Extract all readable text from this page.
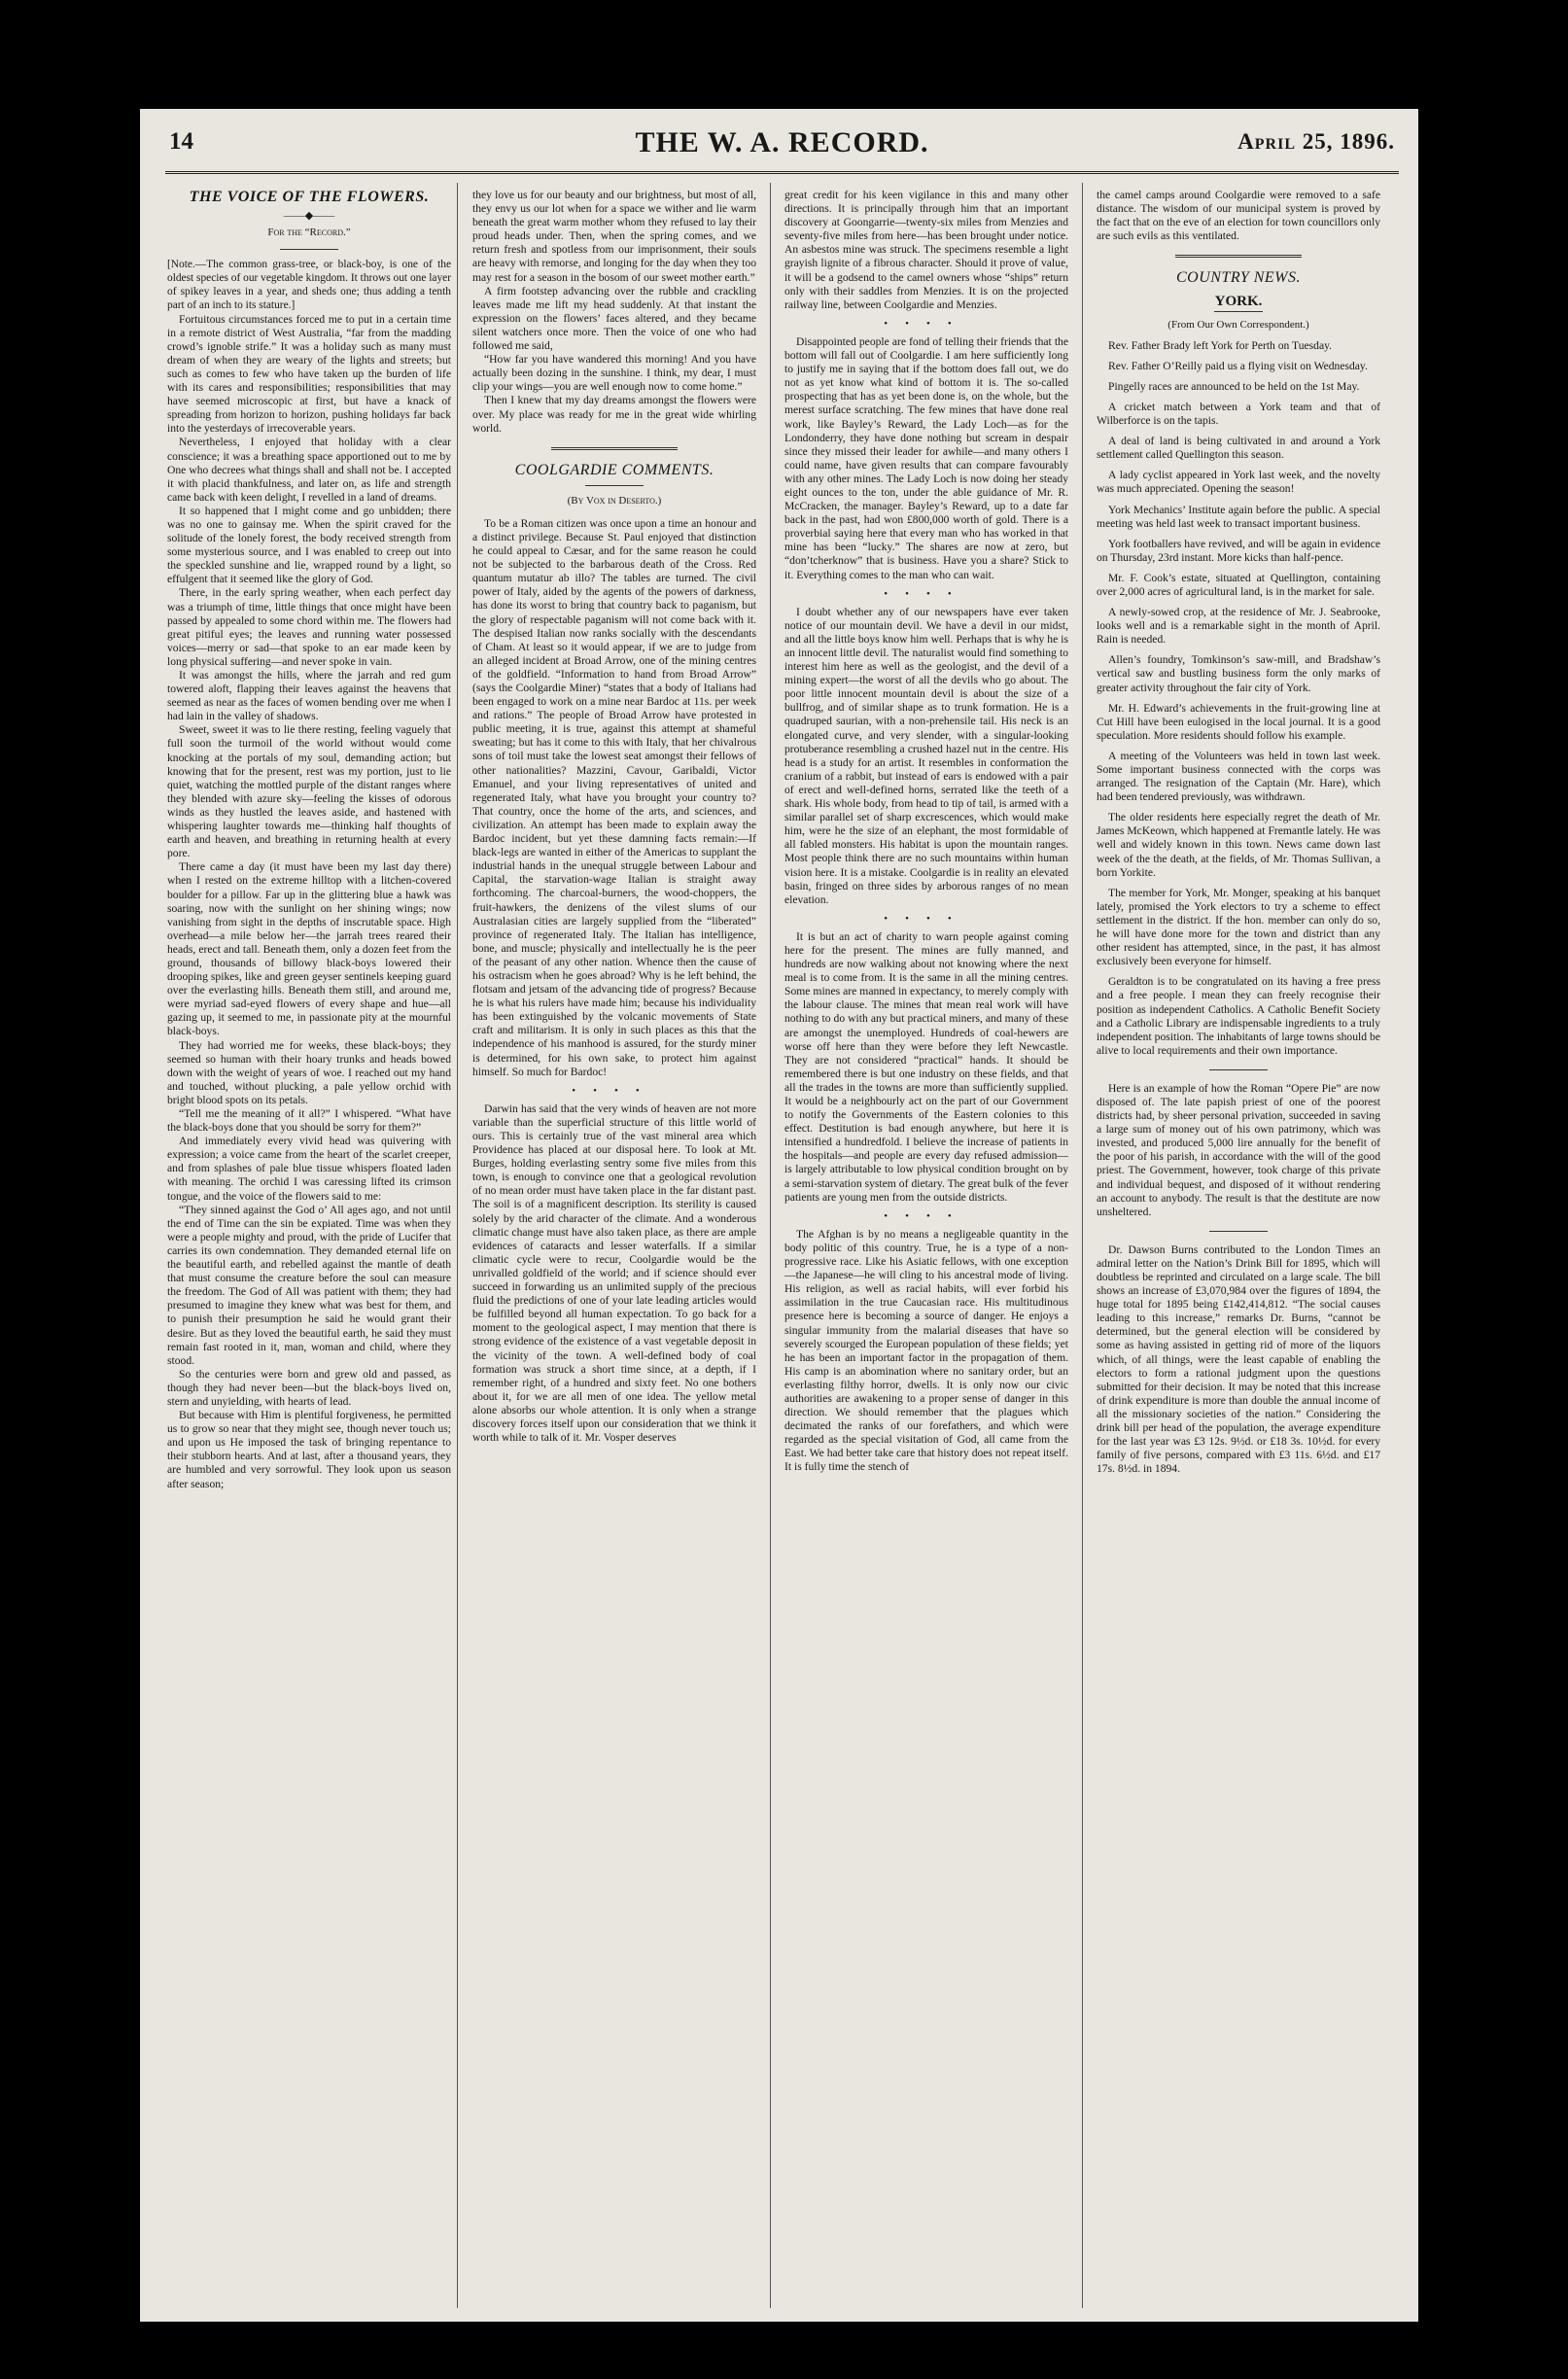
14	THE W. A. RECORD.	April 25, 1896.
THE VOICE OF THE FLOWERS.
——◆——
For the “Record.”

[Note.—The common grass-tree, or black-boy, is one of the oldest species of our vegetable kingdom. It throws out one layer of spikey leaves in a year, and sheds one; thus adding a tenth part of an inch to its stature.]

Fortuitous circumstances forced me to put in a certain time in a remote district of West Australia, “far from the madding crowd’s ignoble strife.” It was a holiday such as many must dream of when they are weary of the lights and streets; but such as comes to few who have taken up the burden of life with its cares and responsibilities; responsibilities that may have seemed microscopic at first, but have a knack of spreading from horizon to horizon, pushing holidays far back into the yesterdays of irrecoverable years.

Nevertheless, I enjoyed that holiday with a clear conscience; it was a breathing space apportioned out to me by One who decrees what things shall and shall not be. I accepted it with placid thankfulness, and later on, as life and strength came back with keen delight, I revelled in a land of dreams.

It so happened that I might come and go unbidden; there was no one to gainsay me. When the spirit craved for the solitude of the lonely forest, the body received strength from some mysterious source, and I was enabled to creep out into the speckled sunshine and lie, wrapped round by a light, so effulgent that it seemed like the glory of God.

There, in the early spring weather, when each perfect day was a triumph of time, little things that once might have been passed by appealed to some chord within me. The flowers had great pitiful eyes; the leaves and running water possessed voices—merry or sad—that spoke to an ear made keen by long physical suffering—and never spoke in vain.

It was amongst the hills, where the jarrah and red gum towered aloft, flapping their leaves against the heavens that seemed as near as the faces of women bending over me when I had lain in the valley of shadows.

Sweet, sweet it was to lie there resting, feeling vaguely that full soon the turmoil of the world without would come knocking at the portals of my soul, demanding action; but knowing that for the present, rest was my portion, just to lie quiet, watching the mottled purple of the distant ranges where they blended with azure sky—feeling the kisses of odorous winds as they hustled the leaves aside, and hastened with whispering laughter towards me—thinking half thoughts of earth and heaven, and breathing in returning health at every pore.

There came a day (it must have been my last day there) when I rested on the extreme hilltop with a litchen-covered boulder for a pillow. Far up in the glittering blue a hawk was soaring, now with the sunlight on her shining wings; now vanishing from sight in the depths of inscrutable space. High overhead—a mile below her—the jarrah trees reared their heads, erect and tall. Beneath them, only a dozen feet from the ground, thousands of billowy black-boys lowered their drooping spikes, like and green geyser sentinels keeping guard over the everlasting hills. Beneath them still, and around me, were myriad sad-eyed flowers of every shape and hue—all gazing up, it seemed to me, in passionate pity at the mournful black-boys.

They had worried me for weeks, these black-boys; they seemed so human with their hoary trunks and heads bowed down with the weight of years of woe. I reached out my hand and touched, without plucking, a pale yellow orchid with bright blood spots on its petals.

“Tell me the meaning of it all?” I whispered. “What have the black-boys done that you should be sorry for them?”

And immediately every vivid head was quivering with expression; a voice came from the heart of the scarlet creeper, and from splashes of pale blue tissue whispers floated laden with meaning. The orchid I was caressing lifted its crimson tongue, and the voice of the flowers said to me:

“They sinned against the God o’ All ages ago, and not until the end of Time can the sin be expiated. Time was when they were a people mighty and proud, with the pride of Lucifer that carries its own condemnation. They demanded eternal life on the beautiful earth, and rebelled against the mantle of death that must consume the creature before the soul can measure the freedom. The God of All was patient with them; they had presumed to imagine they knew what was best for them, and to punish their presumption he said he would grant their desire. But as they loved the beautiful earth, he said they must remain fast rooted in it, man, woman and child, where they stood.

So the centuries were born and grew old and passed, as though they had never been—but the black-boys lived on, stern and unyielding, with hearts of lead.

But because with Him is plentiful forgiveness, he permitted us to grow so near that they might see, though never touch us; and upon us He imposed the task of bringing repentance to their stubborn hearts. And at last, after a thousand years, they are humbled and very sorrowful. They look upon us season after season;

they love us for our beauty and our brightness, but most of all, they envy us our lot when for a space we wither and lie warm beneath the great warm mother whom they refused to lay their proud heads under. Then, when the spring comes, and we return fresh and spotless from our imprisonment, their souls are heavy with remorse, and longing for the day when they too may rest for a season in the bosom of our sweet mother earth.”

A firm footstep advancing over the rubble and crackling leaves made me lift my head suddenly. At that instant the expression on the flowers’ faces altered, and they became silent watchers once more. Then the voice of one who had followed me said,

“How far you have wandered this morning! And you have actually been dozing in the sunshine. I think, my dear, I must clip your wings—you are well enough now to come home.”

Then I knew that my day dreams amongst the flowers were over. My place was ready for me in the great wide whirling world.

COOLGARDIE COMMENTS.
(By Vox in Deserto.)

To be a Roman citizen was once upon a time an honour and a distinct privilege. Because St. Paul enjoyed that distinction he could appeal to Cæsar, and for the same reason he could not be subjected to the barbarous death of the Cross. Red quantum mutatur ab illo? The tables are turned. The civil power of Italy, aided by the agents of the powers of darkness, has done its worst to bring that country back to paganism, but the glory of respectable paganism will not come back with it. The despised Italian now ranks socially with the descendants of Cham. At least so it would appear, if we are to judge from an alleged incident at Broad Arrow, one of the mining centres of the goldfield. “Information to hand from Broad Arrow” (says the Coolgardie Miner) “states that a body of Italians had been engaged to work on a mine near Bardoc at 11s. per week and rations.” The people of Broad Arrow have protested in public meeting, it is true, against this attempt at shameful sweating; but has it come to this with Italy, that her chivalrous sons of toil must take the lowest seat amongst their fellows of other nationalities? Mazzini, Cavour, Garibaldi, Victor Emanuel, and your living representatives of united and regenerated Italy, what have you brought your country to? That country, once the home of the arts, and sciences, and civilization. An attempt has been made to explain away the Bardoc incident, but yet these damning facts remain:—If black-legs are wanted in either of the Americas to supplant the industrial hands in the unequal struggle between Labour and Capital, the starvation-wage Italian is straight away forthcoming. The charcoal-burners, the wood-choppers, the fruit-hawkers, the denizens of the vilest slums of our Australasian cities are largely supplied from the “liberated” province of regenerated Italy. The Italian has intelligence, bone, and muscle; physically and intellectually he is the peer of the peasant of any other nation. Whence then the cause of his ostracism when he goes abroad? Why is he left behind, the flotsam and jetsam of the advancing tide of progress? Because he is what his rulers have made him; because his individuality has been extinguished by the volcanic movements of State craft and militarism. It is only in such places as this that the independence of his manhood is assured, for the sturdy miner is determined, for his own sake, to protect him against himself. So much for Bardoc!

••••

Darwin has said that the very winds of heaven are not more variable than the superficial structure of this little world of ours. This is certainly true of the vast mineral area which Providence has placed at our disposal here. To look at Mt. Burges, holding everlasting sentry some five miles from this town, is enough to convince one that a geological revolution of no mean order must have taken place in the far distant past. The soil is of a magnificent description. Its sterility is caused solely by the arid character of the climate. And a wonderous climatic change must have also taken place, as there are ample evidences of cataracts and lesser waterfalls. If a similar climatic cycle were to recur, Coolgardie would be the unrivalled goldfield of the world; and if science should ever succeed in forwarding us an unlimited supply of the precious fluid the predictions of one of your late leading articles would be fulfilled beyond all human expectation. To go back for a moment to the geological aspect, I may mention that there is strong evidence of the existence of a vast vegetable deposit in the vicinity of the town. A well-defined body of coal formation was struck a short time since, at a depth, if I remember right, of a hundred and sixty feet. No one bothers about it, for we are all men of one idea. The yellow metal alone absorbs our whole attention. It is only when a strange discovery forces itself upon our consideration that we think it worth while to talk of it. Mr. Vosper deserves

great credit for his keen vigilance in this and many other directions. It is principally through him that an important discovery at Goongarrie—twenty-six miles from Menzies and seventy-five miles from here—has been brought under notice. An asbestos mine was struck. The specimens resemble a light grayish lignite of a fibrous character. Should it prove of value, it will be a godsend to the camel owners whose “ships” return only with their saddles from Menzies. It is on the projected railway line, between Coolgardie and Menzies.

••••

Disappointed people are fond of telling their friends that the bottom will fall out of Coolgardie. I am here sufficiently long to justify me in saying that if the bottom does fall out, we do not as yet know what kind of bottom it is. The so-called prospecting that has as yet been done is, on the whole, but the merest surface scratching. The few mines that have done real work, like Bayley’s Reward, the Lady Loch—as for the Londonderry, they have done nothing but scream in despair since they missed their leader for awhile—and many others I could name, have given results that can compare favourably with any other mines. The Lady Loch is now doing her steady eight ounces to the ton, under the able guidance of Mr. R. McCracken, the manager. Bayley’s Reward, up to a date far back in the past, had won £800,000 worth of gold. There is a proverbial saying here that every man who has worked in that mine has been “lucky.” The shares are now at zero, but “don’tcherknow” that is business. Have you a share? Stick to it. Everything comes to the man who can wait.

••••

I doubt whether any of our newspapers have ever taken notice of our mountain devil. We have a devil in our midst, and all the little boys know him well. Perhaps that is why he is an innocent little devil. The naturalist would find something to interest him here as well as the geologist, and the devil of a mining expert—the worst of all the devils who go about. The poor little innocent mountain devil is about the size of a bullfrog, and of similar shape as to trunk formation. He is a quadruped saurian, with a non-prehensile tail. His neck is an elongated curve, and very slender, with a singular-looking protuberance resembling a crushed hazel nut in the centre. His head is a study for an artist. It resembles in conformation the cranium of a rabbit, but instead of ears is endowed with a pair of erect and well-defined horns, serrated like the teeth of a shark. His whole body, from head to tip of tail, is armed with a similar parallel set of sharp excrescences, which would make him, were he the size of an elephant, the most formidable of all fabled monsters. His habitat is upon the mountain ranges. Most people think there are no such mountains within human vision here. It is a mistake. Coolgardie is in reality an elevated basin, fringed on three sides by arborous ranges of no mean elevation.

••••

It is but an act of charity to warn people against coming here for the present. The mines are fully manned, and hundreds are now walking about not knowing where the next meal is to come from. It is the same in all the mining centres. Some mines are manned in expectancy, to merely comply with the labour clause. The mines that mean real work will have nothing to do with any but practical miners, and many of these are amongst the unemployed. Hundreds of coal-hewers are worse off here than they were before they left Newcastle. They are not considered “practical” hands. It should be remembered there is but one industry on these fields, and that all the trades in the towns are more than sufficiently supplied. It would be a neighbourly act on the part of our Government to notify the Governments of the Eastern colonies to this effect. Destitution is bad enough anywhere, but here it is intensified a hundredfold. I believe the increase of patients in the hospitals—and people are every day refused admission—is largely attributable to low physical condition brought on by a semi-starvation system of dietary. The great bulk of the fever patients are young men from the outside districts.

••••

The Afghan is by no means a negligeable quantity in the body politic of this country. True, he is a type of a non-progressive race. Like his Asiatic fellows, with one exception—the Japanese—he will cling to his ancestral mode of living. His religion, as well as racial habits, will ever forbid his assimilation in the true Caucasian race. His multitudinous presence here is becoming a source of danger. He enjoys a singular immunity from the malarial diseases that have so severely scourged the European population of these fields; yet he has been an important factor in the propagation of them. His camp is an abomination where no sanitary order, but an everlasting filthy horror, dwells. It is only now our civic authorities are awakening to a proper sense of danger in this direction. We should remember that the plagues which decimated the ranks of our forefathers, and which were regarded as the special visitation of God, all came from the East. We had better take care that history does not repeat itself. It is fully time the stench of

the camel camps around Coolgardie were removed to a safe distance. The wisdom of our municipal system is proved by the fact that on the eve of an election for town councillors only are such evils as this ventilated.

COUNTRY NEWS.
YORK.
(From Our Own Correspondent.)

Rev. Father Brady left York for Perth on Tuesday.

Rev. Father O’Reilly paid us a flying visit on Wednesday.

Pingelly races are announced to be held on the 1st May.

A cricket match between a York team and that of Wilberforce is on the tapis.

A deal of land is being cultivated in and around a York settlement called Quellington this season.

A lady cyclist appeared in York last week, and the novelty was much appreciated. Opening the season!

York Mechanics’ Institute again before the public. A special meeting was held last week to transact important business.

York footballers have revived, and will be again in evidence on Thursday, 23rd instant. More kicks than half-pence.

Mr. F. Cook’s estate, situated at Quellington, containing over 2,000 acres of agricultural land, is in the market for sale.

A newly-sowed crop, at the residence of Mr. J. Seabrooke, looks well and is a remarkable sight in the month of April. Rain is needed.

Allen’s foundry, Tomkinson’s saw-mill, and Bradshaw’s vertical saw and bustling business form the only marks of greater activity throughout the fair city of York.

Mr. H. Edward’s achievements in the fruit-growing line at Cut Hill have been eulogised in the local journal. It is a good speculation. More residents should follow his example.

A meeting of the Volunteers was held in town last week. Some important business connected with the corps was arranged. The resignation of the Captain (Mr. Hare), which had been tendered previously, was withdrawn.

The older residents here especially regret the death of Mr. James McKeown, which happened at Fremantle lately. He was well and widely known in this town. News came down last week of the the death, at the fields, of Mr. Thomas Sullivan, a born Yorkite.

The member for York, Mr. Monger, speaking at his banquet lately, promised the York electors to try a scheme to effect settlement in the district. If the hon. member can only do so, he will have done more for the town and district than any other resident has attempted, since, in the past, it has almost exclusively been everyone for himself.

Geraldton is to be congratulated on its having a free press and a free people. I mean they can freely recognise their position as independent Catholics. A Catholic Benefit Society and a Catholic Library are indispensable ingredients to a truly independent position. The inhabitants of large towns should be alive to local requirements and their own importance.

Here is an example of how the Roman “Opere Pie” are now disposed of. The late papish priest of one of the poorest districts had, by sheer personal privation, succeeded in saving a large sum of money out of his own patrimony, which was invested, and produced 5,000 lire annually for the benefit of the poor of his parish, in accordance with the will of the good priest. The Government, however, took charge of this private and individual bequest, and disposed of it without rendering an account to anybody. The result is that the destitute are now unsheltered.

Dr. Dawson Burns contributed to the London Times an admiral letter on the Nation’s Drink Bill for 1895, which will doubtless be reprinted and circulated on a large scale. The bill shows an increase of £3,070,984 over the figures of 1894, the huge total for 1895 being £142,414,812. “The social causes leading to this increase,” remarks Dr. Burns, “cannot be determined, but the general election will be considered by some as having assisted in getting rid of more of the liquors which, of all things, were the least capable of enabling the electors to form a rational judgment upon the questions submitted for their decision. It may be noted that this increase of drink expenditure is more than double the annual income of all the missionary societies of the nation.” Considering the drink bill per head of the population, the average expenditure for the last year was £3 12s. 9½d. or £18 3s. 10½d. for every family of five persons, compared with £3 11s. 6½d. and £17 17s. 8½d. in 1894.
